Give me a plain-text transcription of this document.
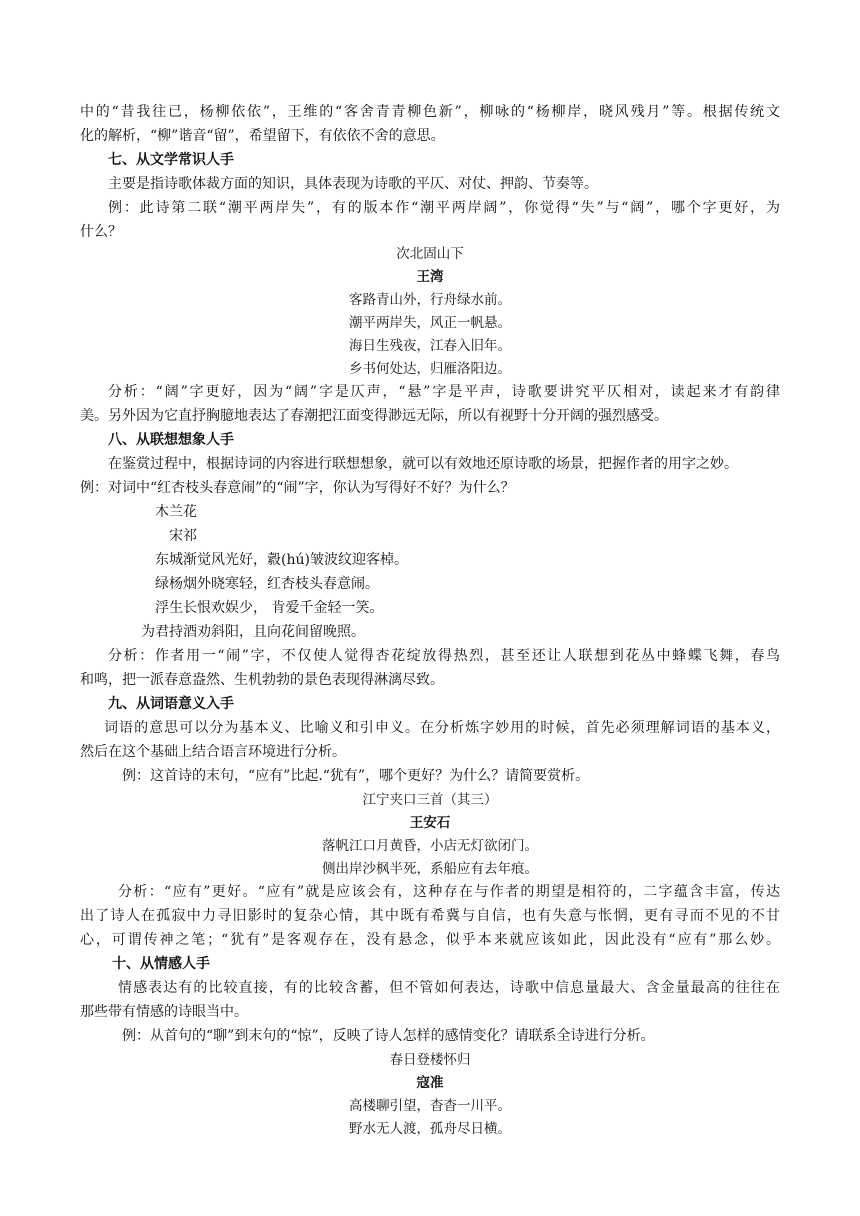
中的“昔我往已，杨柳依依”，王维的“客舍青青柳色新”，柳咏的“杨柳岸，晓风残月”等。根据传统文
化的解析，“柳”谐音“留”，希望留下，有依依不舍的意思。
七、从文学常识人手
主要是指诗歌体裁方面的知识，具体表现为诗歌的平仄、对仗、押韵、节奏等。
例：此诗第二联“潮平两岸失”，有的版本作“潮平两岸阔”，你觉得“失”与“阔”，哪个字更好，为
什么？
次北固山下
王湾
客路青山外，行舟绿水前。
潮平两岸失，风正一帆悬。
海日生残夜，江春入旧年。
乡书何处达，归雁洛阳边。
分析：“阔”字更好，因为“阔”字是仄声，“悬”字是平声，诗歌要讲究平仄相对，读起来才有韵律
美。另外因为它直抒胸臆地表达了春潮把江面变得渺远无际，所以有视野十分开阔的强烈感受。
八、从联想想象人手
在鉴赏过程中，根据诗词的内容进行联想想象，就可以有效地还原诗歌的场景，把握作者的用字之妙。
例：对词中“红杏枝头春意闹”的“闹”字，你认为写得好不好？为什么？
木兰花
宋祁
东城渐觉风光好，縠(hú)皱波纹迎客棹。
绿杨烟外晓寒轻，红杏枝头春意闹。
浮生长恨欢娱少， 肯爱千金轻一笑。
为君持酒劝斜阳，且向花间留晚照。
分析：作者用一“闹”字，不仅使人觉得杏花绽放得热烈，甚至还让人联想到花丛中蜂蝶飞舞，春鸟
和鸣，把一派春意盎然、生机勃勃的景色表现得淋漓尽致。
九、从词语意义入手
词语的意思可以分为基本义、比喻义和引申义。在分析炼字妙用的时候，首先必须理解词语的基本义，
然后在这个基础上结合语言环境进行分析。
例：这首诗的末句，“应有”比起.“犹有”，哪个更好？为什么？请简要赏析。
江宁夹口三首（其三）
王安石
落帆江口月黄昏，小店无灯欲闭门。
侧出岸沙枫半死，系船应有去年痕。
分析：“应有”更好。“应有”就是应该会有，这种存在与作者的期望是相符的，二字蕴含丰富，传达
出了诗人在孤寂中力寻旧影时的复杂心情，其中既有希冀与自信，也有失意与怅惘，更有寻而不见的不甘
心，可谓传神之笔；“犹有”是客观存在，没有悬念，似乎本来就应该如此，因此没有“应有”那么妙。
十、从情感人手
情感表达有的比较直接，有的比较含蓄，但不管如何表达，诗歌中信息量最大、含金量最高的往往在
那些带有情感的诗眼当中。
例：从首句的“聊”到末句的“惊”，反映了诗人怎样的感情变化？请联系全诗进行分析。
春日登楼怀归
寇准
高楼聊引望，杳杳一川平。
野水无人渡，孤舟尽日横。
